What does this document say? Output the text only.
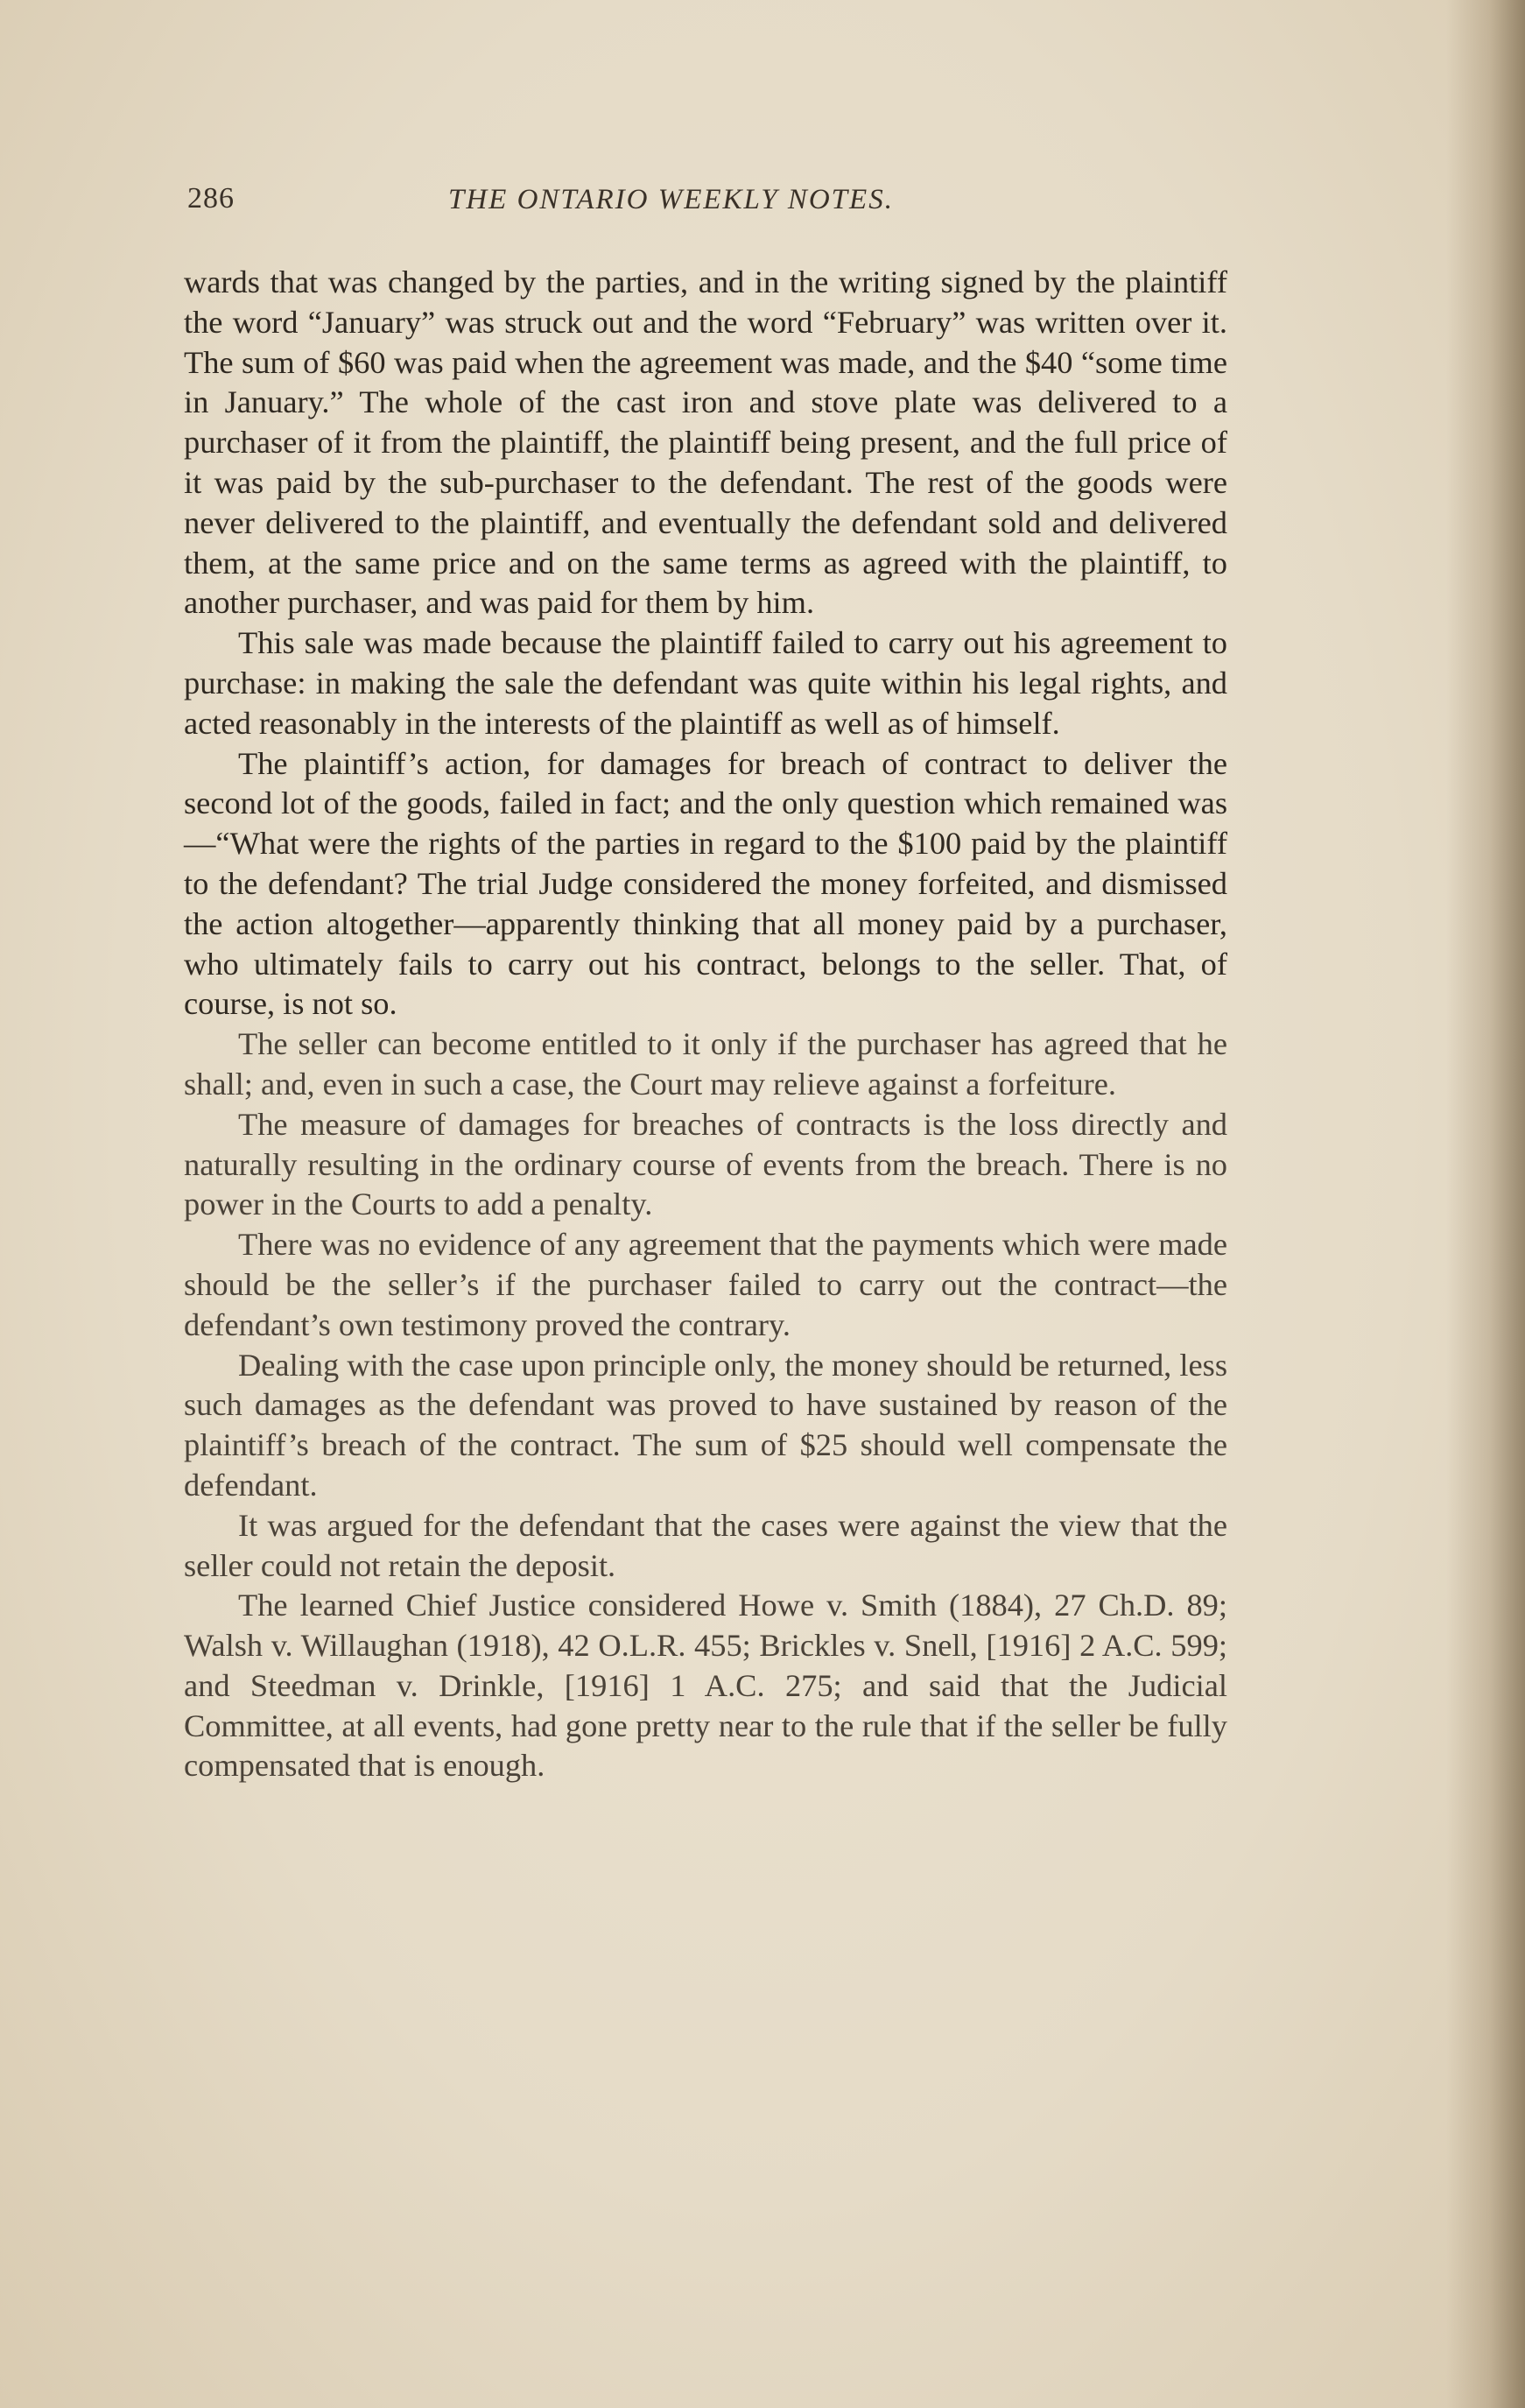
286	THE ONTARIO WEEKLY NOTES.

wards that was changed by the parties, and in the writing signed by the plaintiff the word “January” was struck out and the word “February” was written over it. The sum of $60 was paid when the agreement was made, and the $40 “some time in January.” The whole of the cast iron and stove plate was delivered to a purchaser of it from the plaintiff, the plaintiff being present, and the full price of it was paid by the sub-purchaser to the defendant. The rest of the goods were never delivered to the plaintiff, and eventually the defendant sold and delivered them, at the same price and on the same terms as agreed with the plaintiff, to another purchaser, and was paid for them by him.

This sale was made because the plaintiff failed to carry out his agreement to purchase: in making the sale the defendant was quite within his legal rights, and acted reasonably in the interests of the plaintiff as well as of himself.

The plaintiff’s action, for damages for breach of contract to deliver the second lot of the goods, failed in fact; and the only question which remained was—“What were the rights of the parties in regard to the $100 paid by the plaintiff to the defendant? The trial Judge considered the money forfeited, and dismissed the action altogether—apparently thinking that all money paid by a purchaser, who ultimately fails to carry out his contract, belongs to the seller. That, of course, is not so.

The seller can become entitled to it only if the purchaser has agreed that he shall; and, even in such a case, the Court may relieve against a forfeiture.

The measure of damages for breaches of contracts is the loss directly and naturally resulting in the ordinary course of events from the breach. There is no power in the Courts to add a penalty.

There was no evidence of any agreement that the payments which were made should be the seller’s if the purchaser failed to carry out the contract—the defendant’s own testimony proved the contrary.

Dealing with the case upon principle only, the money should be returned, less such damages as the defendant was proved to have sustained by reason of the plaintiff’s breach of the contract. The sum of $25 should well compensate the defendant.

It was argued for the defendant that the cases were against the view that the seller could not retain the deposit.

The learned Chief Justice considered Howe v. Smith (1884), 27 Ch.D. 89; Walsh v. Willaughan (1918), 42 O.L.R. 455; Brickles v. Snell, [1916] 2 A.C. 599; and Steedman v. Drinkle, [1916] 1 A.C. 275; and said that the Judicial Committee, at all events, had gone pretty near to the rule that if the seller be fully compensated that is enough.
